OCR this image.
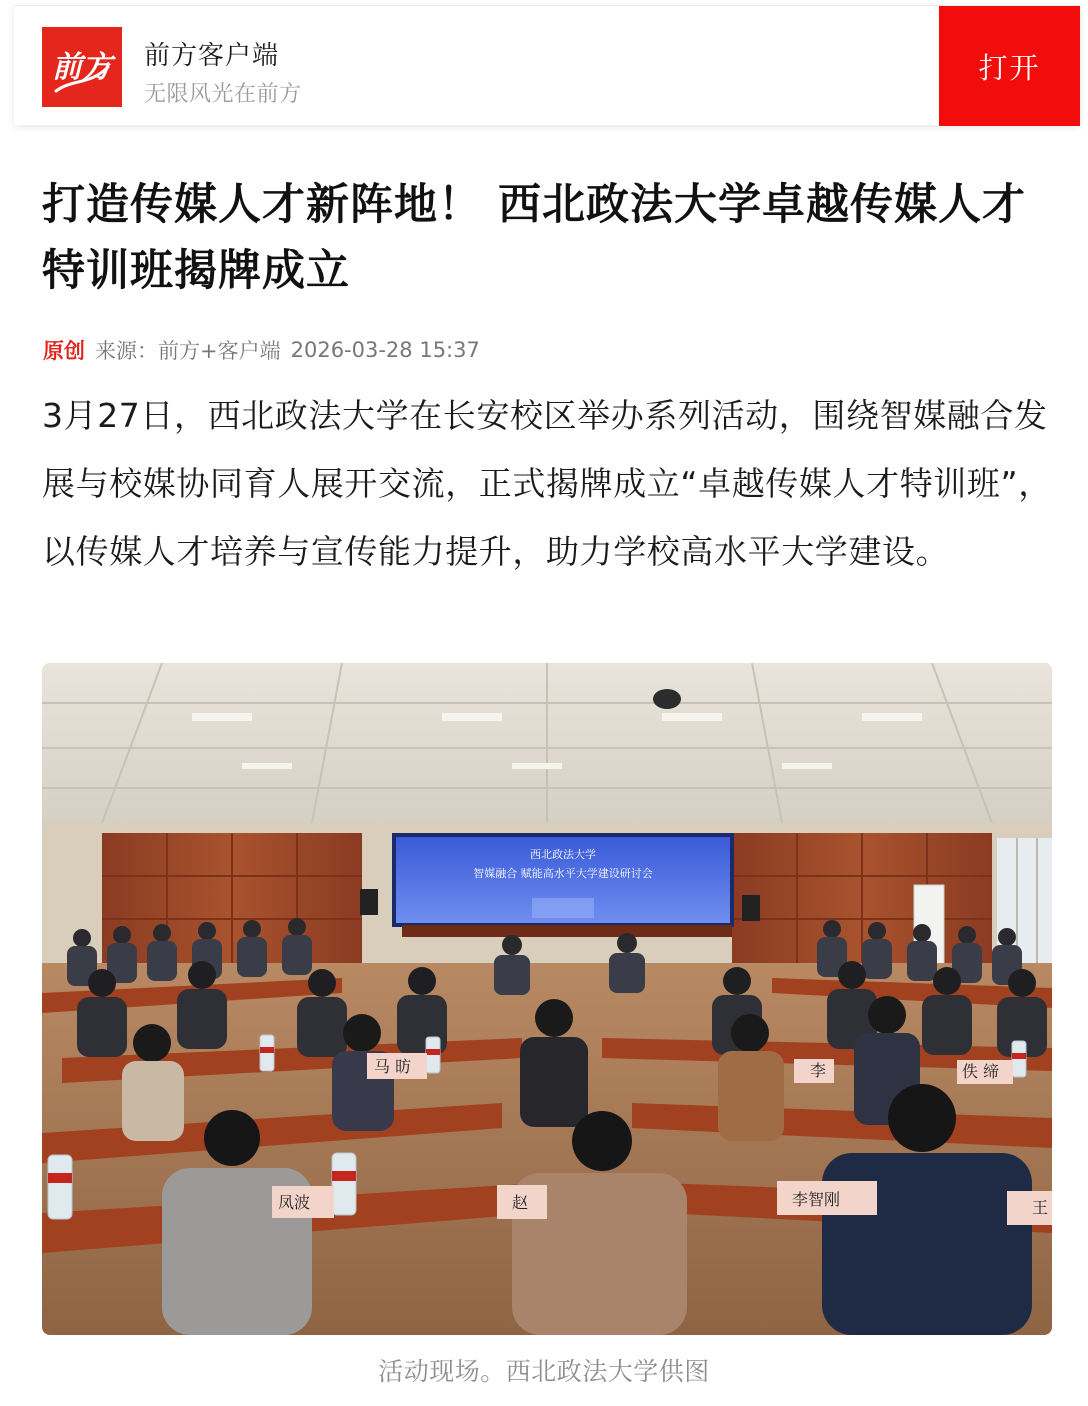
前方 前方客户端
无限风光在前方
打开
打造传媒人才新阵地！ 西北政法大学卓越传媒人才特训班揭牌成立
原创 来源：前方+客户端 2026-03-28 15:37

3月27日，西北政法大学在长安校区举办系列活动，围绕智媒融合发展与校媒协同育人展开交流，正式揭牌成立“卓越传媒人才特训班”，以传媒人才培养与宣传能力提升，助力学校高水平大学建设。

西北政法大学
智媒融合 赋能高水平大学建设研讨会
马 昉
凤波	赵	李智刚	王
李	佚 缔
活动现场。西北政法大学供图
